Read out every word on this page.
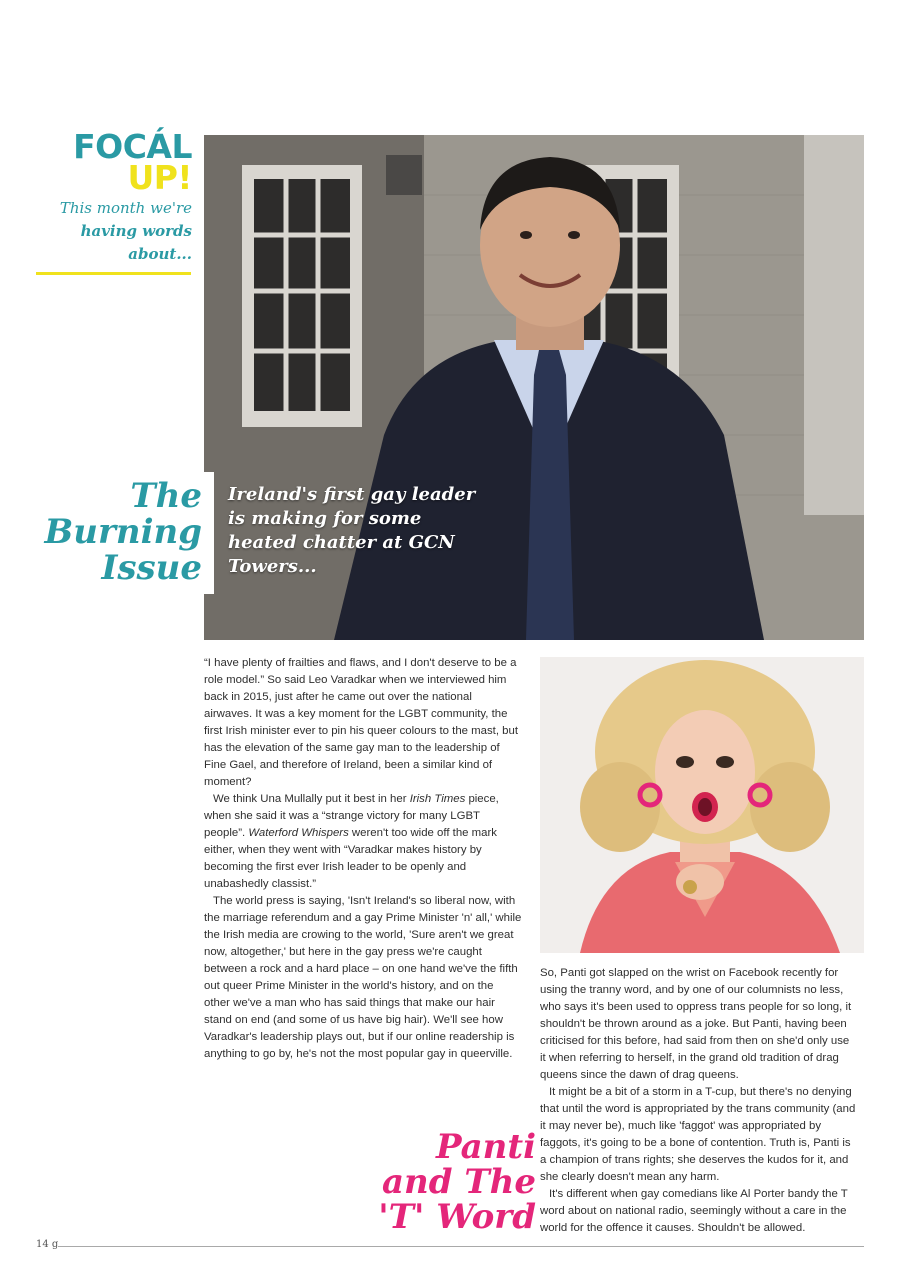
FOCÁL
UP!
This month we're
having words
about...
The
Burning
Issue
Ireland's first gay leader is making for some heated chatter at GCN Towers...

“I have plenty of frailties and flaws, and I don't deserve to be a role model.” So said Leo Varadkar when we interviewed him back in 2015, just after he came out over the national airwaves. It was a key moment for the LGBT community, the first Irish minister ever to pin his queer colours to the mast, but has the elevation of the same gay man to the leadership of Fine Gael, and therefore of Ireland, been a similar kind of moment?

We think Una Mullally put it best in her Irish Times piece, when she said it was a “strange victory for many LGBT people”. Waterford Whispers weren't too wide off the mark either, when they went with “Varadkar makes history by becoming the first ever Irish leader to be openly and unabashedly classist.”

The world press is saying, 'Isn't Ireland's so liberal now, with the marriage referendum and a gay Prime Minister 'n' all,' while the Irish media are crowing to the world, 'Sure aren't we great now, altogether,' but here in the gay press we're caught between a rock and a hard place – on one hand we've the fifth out queer Prime Minister in the world's history, and on the other we've a man who has said things that make our hair stand on end (and some of us have big hair). We'll see how Varadkar's leadership plays out, but if our online readership is anything to go by, he's not the most popular gay in queerville.

So, Panti got slapped on the wrist on Facebook recently for using the tranny word, and by one of our columnists no less, who says it's been used to oppress trans people for so long, it shouldn't be thrown around as a joke. But Panti, having been criticised for this before, had said from then on she'd only use it when referring to herself, in the grand old tradition of drag queens since the dawn of drag queens.

It might be a bit of a storm in a T-cup, but there's no denying that until the word is appropriated by the trans community (and it may never be), much like 'faggot' was appropriated by faggots, it's going to be a bone of contention. Truth is, Panti is a champion of trans rights; she deserves the kudos for it, and she clearly doesn't mean any harm.

It's different when gay comedians like Al Porter bandy the T word about on national radio, seemingly without a care in the world for the offence it causes. Shouldn't be allowed.

Panti
and The
'T' Word
14 g
